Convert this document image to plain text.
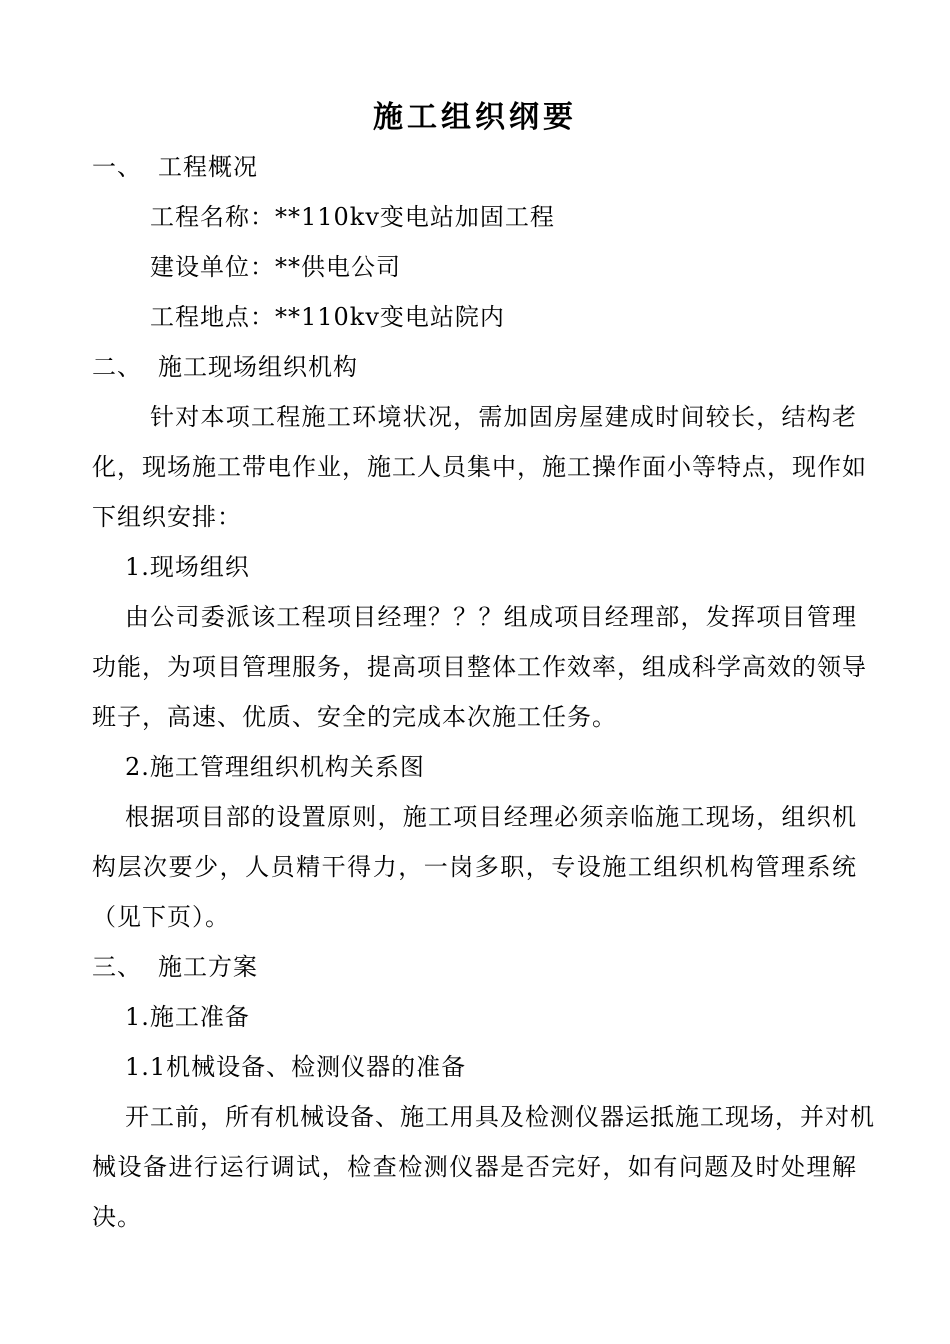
施工组织纲要
一、 工程概况
工程名称：**110kv变电站加固工程
建设单位：**供电公司
工程地点：**110kv变电站院内
二、 施工现场组织机构
针对本项工程施工环境状况，需加固房屋建成时间较长，结构老
化，现场施工带电作业，施工人员集中，施工操作面小等特点，现作如
下组织安排：
1.现场组织
由公司委派该工程项目经理？？？组成项目经理部，发挥项目管理
功能，为项目管理服务，提高项目整体工作效率，组成科学高效的领导
班子，高速、优质、安全的完成本次施工任务。
2.施工管理组织机构关系图
根据项目部的设置原则，施工项目经理必须亲临施工现场，组织机
构层次要少，人员精干得力，一岗多职，专设施工组织机构管理系统
（见下页）。
三、 施工方案
1.施工准备
1.1机械设备、检测仪器的准备
开工前，所有机械设备、施工用具及检测仪器运抵施工现场，并对机
械设备进行运行调试，检查检测仪器是否完好，如有问题及时处理解
决。
